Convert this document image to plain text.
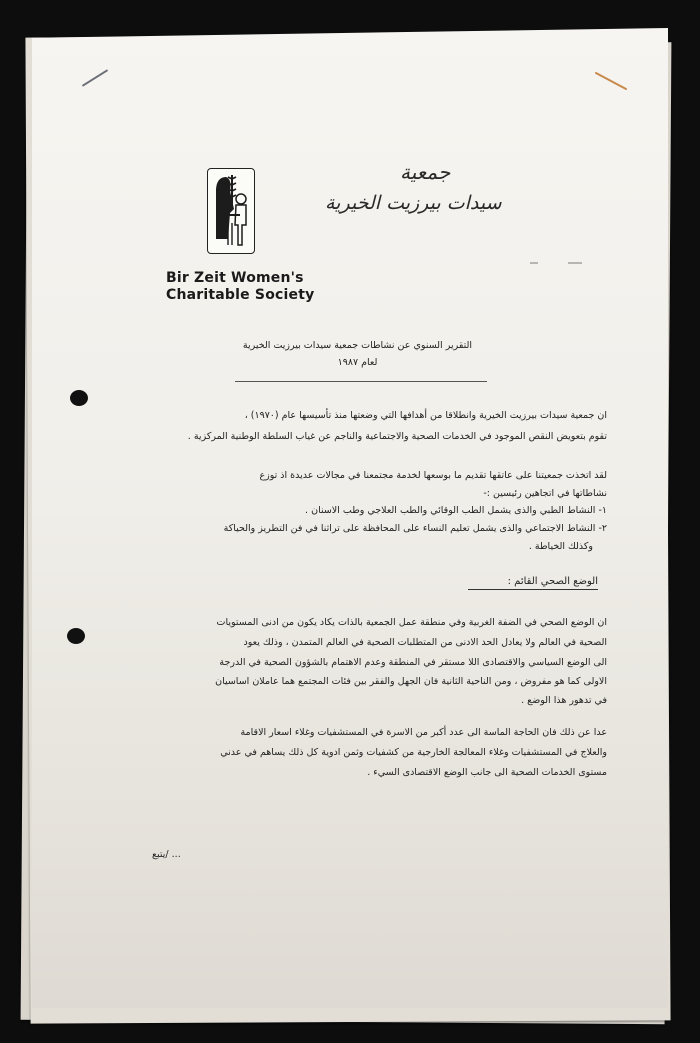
Bir Zeit Women's
Charitable Society
جمعية
سيدات بيرزيت الخيرية
التقرير السنوي عن نشاطات جمعية سيدات بيرزيت الخيرية
لعام ١٩٨٧
ان جمعية سيدات بيرزيت الخيرية وانطلاقا من أهدافها التي وضعتها منذ تأسيسها عام (١٩٧٠) ،
تقوم بتعويض النقص الموجود في الخدمات الصحية والاجتماعية والناجم عن غياب السلطة الوطنية المركزية .
لقد اتخذت جمعيتنا على عاتقها تقديم ما بوسعها لخدمة مجتمعنا في مجالات عديدة اذ توزع
نشاطاتها في اتجاهين رئيسين :-
١- النشاط الطبي والذى يشمل الطب الوقائي والطب العلاجي وطب الاسنان .
٢- النشاط الاجتماعي والذى يشمل تعليم النساء على المحافظة على تراثنا في فن التطريز والحياكة
وكذلك الخياطة .
الوضع الصحي القائم :
ان الوضع الصحي في الضفة الغربية وفي منطقة عمل الجمعية بالذات يكاد يكون من ادنى المستويات
الصحية في العالم ولا يعادل الحد الادنى من المتطلبات الصحية في العالم المتمدن ، وذلك يعود
الى الوضع السياسي والاقتصادى اللا مستقر في المنطقة وعدم الاهتمام بالشؤون الصحية في الدرجة
الاولى كما هو مفروض ، ومن الناحية الثانية فان الجهل والفقر بين فئات المجتمع هما عاملان اساسيان
في تدهور هذا الوضع .
عدا عن ذلك فان الحاجة الماسة الى عدد أكبر من الاسرة في المستشفيات وغلاء اسعار الاقامة
والعلاج في المستشفيات وغلاء المعالجة الخارجية من كشفيات وثمن ادوية كل ذلك يساهم في عدني
مستوى الخدمات الصحية الى جانب الوضع الاقتصادى السيء .
... /يتبع
